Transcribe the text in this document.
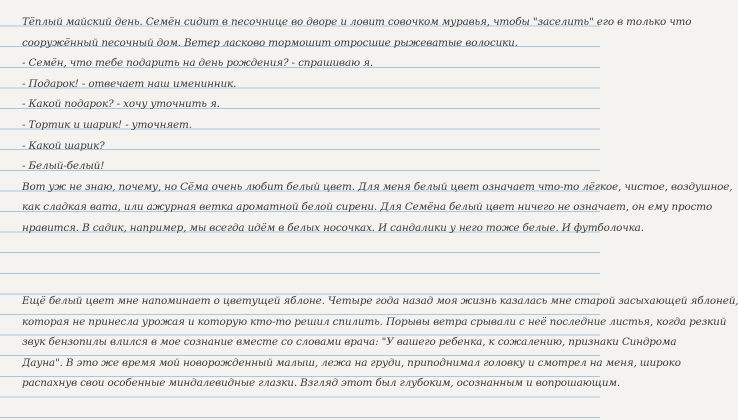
Тёплый майский день. Семён сидит в песочнице во дворе и ловит совочком муравья, чтобы "заселить" его в только что
сооружённый песочный дом. Ветер ласково тормошит отросшие рыжеватые волосики.
- Семён, что тебе подарить на день рождения? - спрашиваю я.
- Подарок! - отвечает наш именинник.
- Какой подарок? - хочу уточнить я.
- Тортик и шарик! - уточняет.
- Какой шарик?
- Белый-белый!
Вот уж не знаю, почему, но Сёма очень любит белый цвет. Для меня белый цвет означает что-то лёгкое, чистое, воздушное,
как сладкая вата, или ажурная ветка ароматной белой сирени. Для Семёна белый цвет ничего не означает, он ему просто
нравится. В садик, например, мы всегда идём в белых носочках. И сандалики у него тоже белые. И футболочка.
Ещё белый цвет мне напоминает о цветущей яблоне. Четыре года назад моя жизнь казалась мне старой засыхающей яблоней,
которая не принесла урожая и которую кто-то решил спилить. Порывы ветра срывали с неё последние листья, когда резкий
звук бензопилы влился в мое сознание вместе со словами врача: "У вашего ребенка, к сожалению, признаки Синдрома
Дауна". В это же время мой новорожденный малыш, лежа на груди, приподнимал головку и смотрел на меня, широко
распахнув свои особенные миндалевидные глазки. Взгляд этот был глубоким, осознанным и вопрошающим.
